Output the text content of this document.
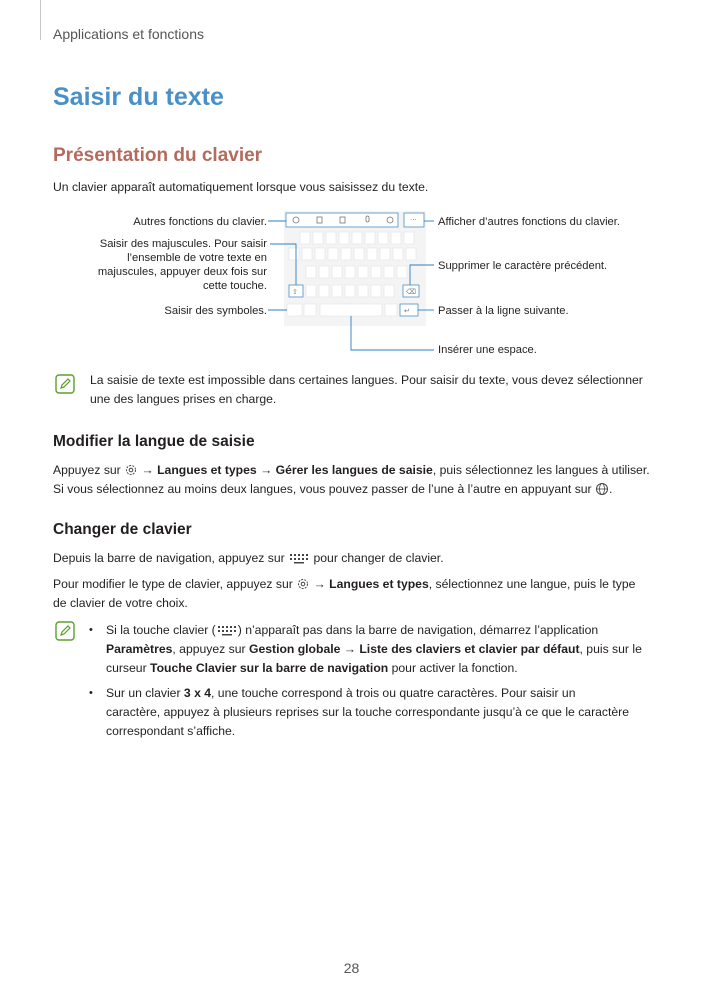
Applications et fonctions
Saisir du texte
Présentation du clavier
Un clavier apparaît automatiquement lorsque vous saisissez du texte.
···
⇧	⌫
↵
Autres fonctions du clavier.
Saisir des majuscules. Pour saisir
l’ensemble de votre texte en
majuscules, appuyer deux fois sur
cette touche.
Saisir des symboles.
Afficher d’autres fonctions du clavier.
Supprimer le caractère précédent.
Passer à la ligne suivante.
Insérer une espace.
La saisie de texte est impossible dans certaines langues. Pour saisir du texte, vous devez sélectionner
une des langues prises en charge.
Modifier la langue de saisie
Appuyez sur → Langues et types → Gérer les langues de saisie, puis sélectionnez les langues à utiliser.
Si vous sélectionnez au moins deux langues, vous pouvez passer de l’une à l’autre en appuyant sur .
Changer de clavier
Depuis la barre de navigation, appuyez sur pour changer de clavier.
Pour modifier le type de clavier, appuyez sur → Langues et types, sélectionnez une langue, puis le type
de clavier de votre choix.
• Si la touche clavier ( ) n’apparaît pas dans la barre de navigation, démarrez l’application
Paramètres, appuyez sur Gestion globale → Liste des claviers et clavier par défaut, puis sur le
curseur Touche Clavier sur la barre de navigation pour activer la fonction.
• Sur un clavier 3 x 4, une touche correspond à trois ou quatre caractères. Pour saisir un
caractère, appuyez à plusieurs reprises sur la touche correspondante jusqu’à ce que le caractère
correspondant s’affiche.
28
